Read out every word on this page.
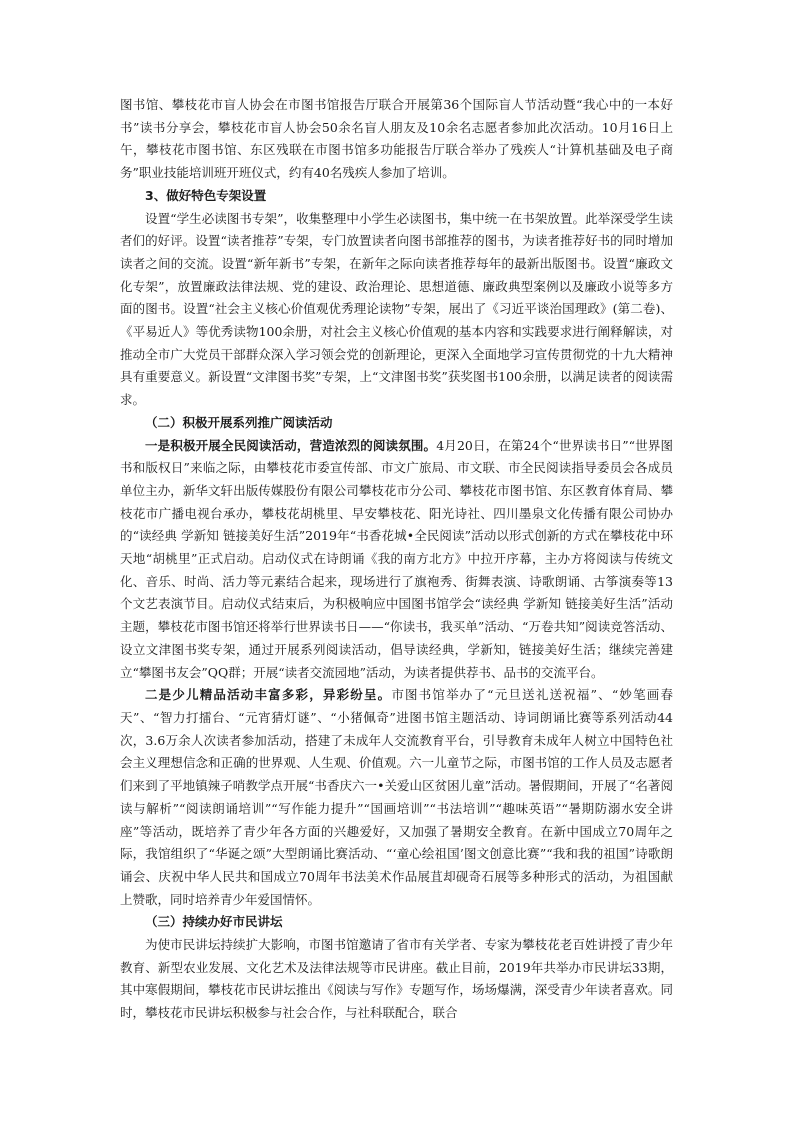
图书馆、攀枝花市盲人协会在市图书馆报告厅联合开展第36个国际盲人节活动暨“我心中的一本好书”读书分享会，攀枝花市盲人协会50余名盲人朋友及10余名志愿者参加此次活动。10月16日上午，攀枝花市图书馆、东区残联在市图书馆多功能报告厅联合举办了残疾人“计算机基础及电子商务”职业技能培训班开班仪式，约有40名残疾人参加了培训。

3、做好特色专架设置

设置“学生必读图书专架”，收集整理中小学生必读图书，集中统一在书架放置。此举深受学生读者们的好评。设置“读者推荐”专架，专门放置读者向图书部推荐的图书，为读者推荐好书的同时增加读者之间的交流。设置“新年新书”专架，在新年之际向读者推荐每年的最新出版图书。设置“廉政文化专架”，放置廉政法律法规、党的建设、政治理论、思想道德、廉政典型案例以及廉政小说等多方面的图书。设置“社会主义核心价值观优秀理论读物”专架，展出了《习近平谈治国理政》(第二卷)、《平易近人》等优秀读物100余册，对社会主义核心价值观的基本内容和实践要求进行阐释解读，对推动全市广大党员干部群众深入学习领会党的创新理论，更深入全面地学习宣传贯彻党的十九大精神具有重要意义。新设置“文津图书奖”专架，上“文津图书奖”获奖图书100余册，以满足读者的阅读需求。

（二）积极开展系列推广阅读活动

一是积极开展全民阅读活动，营造浓烈的阅读氛围。4月20日，在第24个“世界读书日”“世界图书和版权日”来临之际，由攀枝花市委宣传部、市文广旅局、市文联、市全民阅读指导委员会各成员单位主办，新华文轩出版传媒股份有限公司攀枝花市分公司、攀枝花市图书馆、东区教育体育局、攀枝花市广播电视台承办，攀枝花胡桃里、早安攀枝花、阳光诗社、四川墨泉文化传播有限公司协办的“读经典 学新知 链接美好生活”2019年“书香花城•全民阅读”活动以形式创新的方式在攀枝花中环天地“胡桃里”正式启动。启动仪式在诗朗诵《我的南方北方》中拉开序幕，主办方将阅读与传统文化、音乐、时尚、活力等元素结合起来，现场进行了旗袍秀、街舞表演、诗歌朗诵、古筝演奏等13个文艺表演节目。启动仪式结束后，为积极响应中国图书馆学会“读经典 学新知 链接美好生活”活动主题，攀枝花市图书馆还将举行世界读书日——“你读书，我买单”活动、“万卷共知”阅读竞答活动、设立文津图书奖专架，通过开展系列阅读活动，倡导读经典，学新知，链接美好生活；继续完善建立“攀图书友会”QQ群；开展“读者交流园地”活动，为读者提供荐书、品书的交流平台。

二是少儿精品活动丰富多彩，异彩纷呈。市图书馆举办了“元旦送礼送祝福”、“妙笔画春天”、“智力打擂台、“元宵猜灯谜”、“小猪佩奇”进图书馆主题活动、诗词朗诵比赛等系列活动44次，3.6万余人次读者参加活动，搭建了未成年人交流教育平台，引导教育未成年人树立中国特色社会主义理想信念和正确的世界观、人生观、价值观。六一儿童节之际，市图书馆的工作人员及志愿者们来到了平地镇辣子哨教学点开展“书香庆六一•关爱山区贫困儿童”活动。暑假期间，开展了“名著阅读与解析”“阅读朗诵培训”“写作能力提升”“国画培训”“书法培训”“趣味英语”“暑期防溺水安全讲座”等活动，既培养了青少年各方面的兴趣爱好，又加强了暑期安全教育。在新中国成立70周年之际，我馆组织了“华诞之颂”大型朗诵比赛活动、“‘童心绘祖国’图文创意比赛”“我和我的祖国”诗歌朗诵会、庆祝中华人民共和国成立70周年书法美术作品展苴却砚奇石展等多种形式的活动，为祖国献上赞歌，同时培养青少年爱国情怀。

（三）持续办好市民讲坛

为使市民讲坛持续扩大影响，市图书馆邀请了省市有关学者、专家为攀枝花老百姓讲授了青少年教育、新型农业发展、文化艺术及法律法规等市民讲座。截止目前，2019年共举办市民讲坛33期，其中寒假期间，攀枝花市民讲坛推出《阅读与写作》专题写作，场场爆满，深受青少年读者喜欢。同时，攀枝花市民讲坛积极参与社会合作，与社科联配合，联合
